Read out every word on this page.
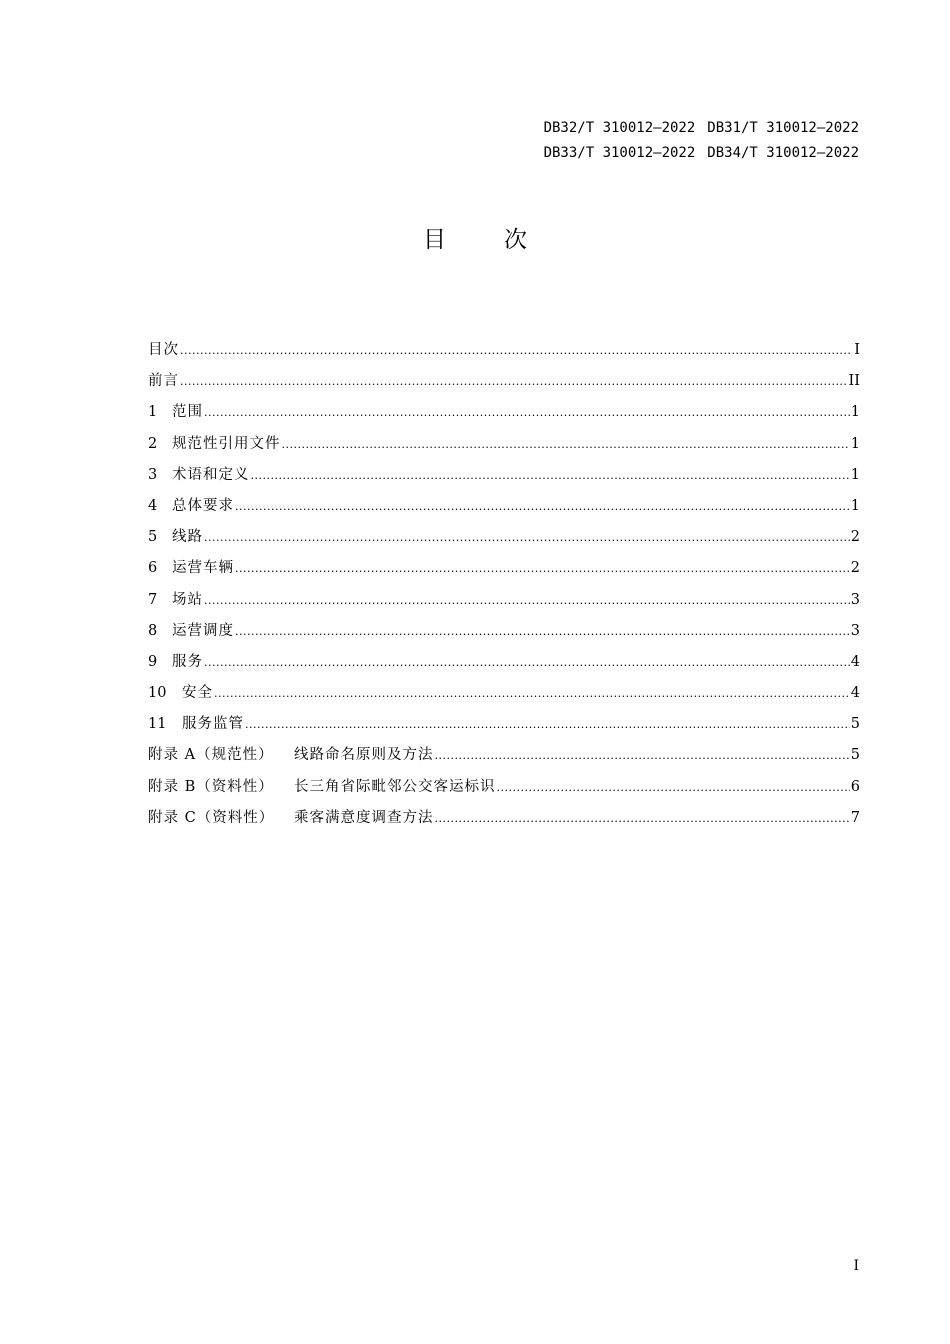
DB32/T 310012—2022 DB31/T 310012—2022
DB33/T 310012—2022 DB34/T 310012—2022
目	次
目次 .....	I
前言 .....	II
1	范围 .....	1
2	规范性引用文件 .....	1
3	术语和定义 .....	1
4	总体要求 .....	1
5	线路 .....	2
6	运营车辆 .....	2
7	场站 .....	3
8	运营调度 .....	3
9	服务 .....	4
10	安全 .....	4
11	服务监管 .....	5
附录 A（规范性）	线路命名原则及方法 .....	5
附录 B（资料性）	长三角省际毗邻公交客运标识 .....	6
附录 C（资料性）	乘客满意度调查方法 .....	7
I
